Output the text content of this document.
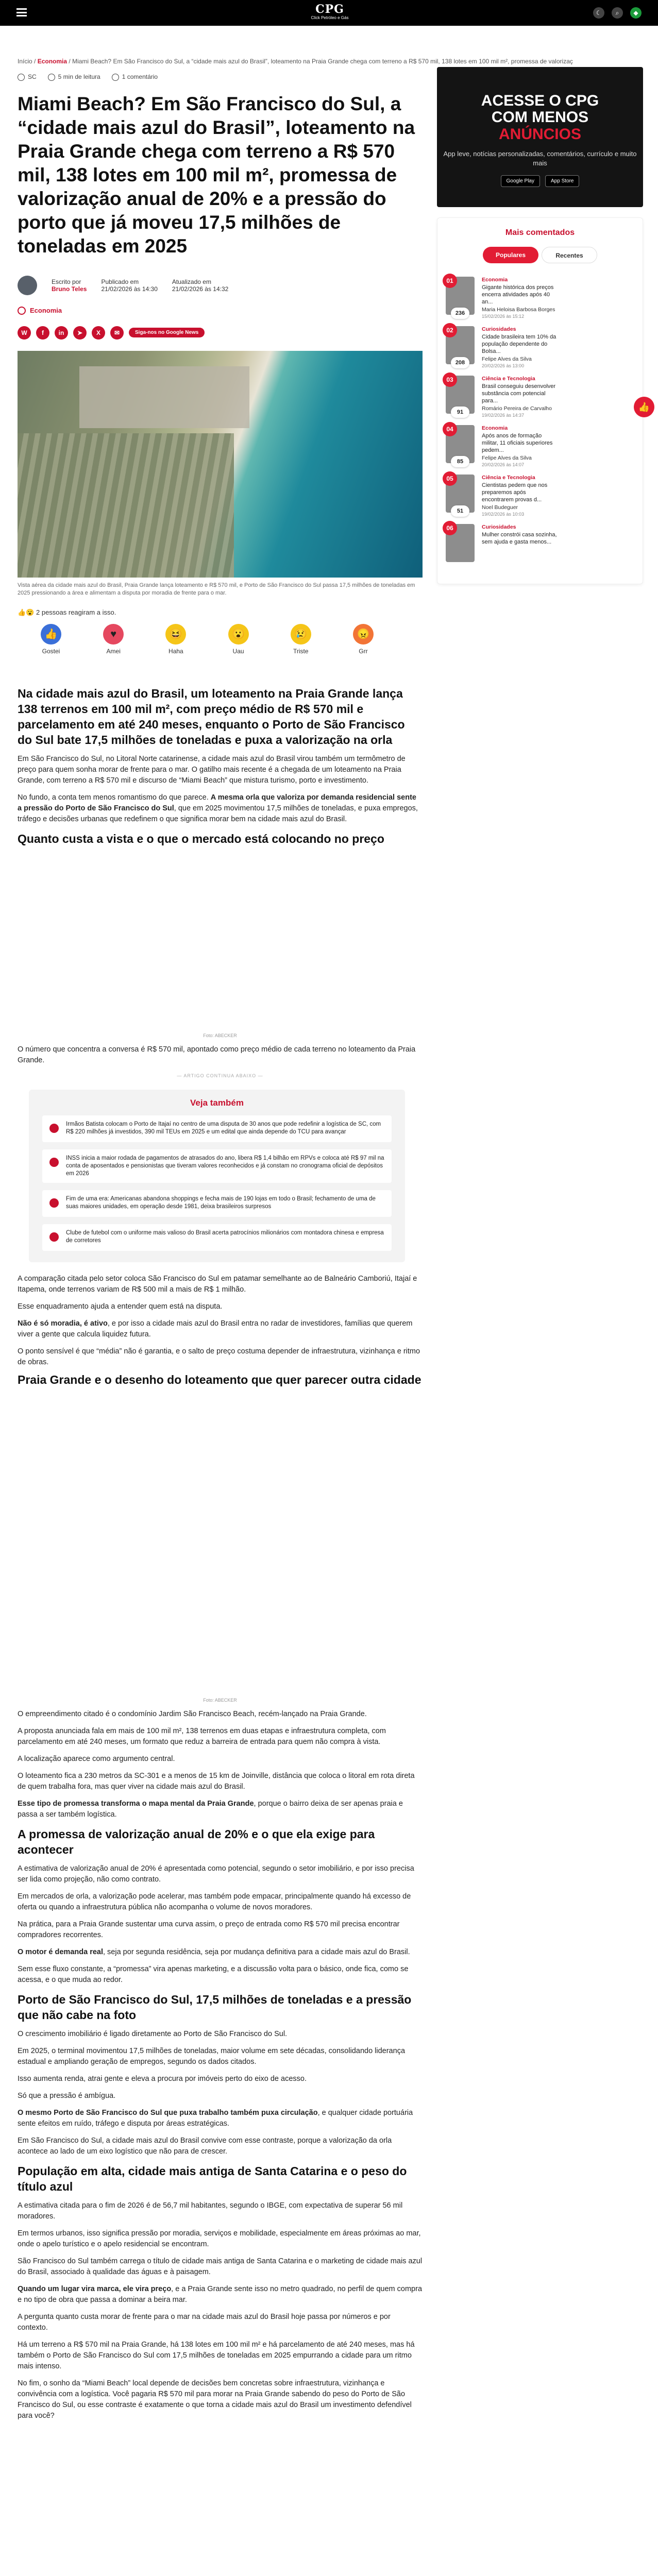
CPG
Click Petróleo e Gás
☾	⌕	◆
Início / Economia / Miami Beach? Em São Francisco do Sul, a “cidade mais azul do Brasil”, loteamento na Praia Grande chega com terreno a R$ 570 mil, 138 lotes em 100 mil m², promessa de valorizaç
SC	5 min de leitura	1 comentário
Miami Beach? Em São Francisco do Sul, a “cidade mais azul do Brasil”, loteamento na Praia Grande chega com terreno a R$ 570 mil, 138 lotes em 100 mil m², promessa de valorização anual de 20% e a pressão do porto que já moveu 17,5 milhões de toneladas em 2025
Escrito por
Bruno Teles
Publicado em
21/02/2026 às 14:30
Atualizado em
21/02/2026 às 14:32
Economia
W	f	in	➤	X	✉	Siga-nos no Google News
Vista aérea da cidade mais azul do Brasil, Praia Grande lança loteamento e R$ 570 mil, e Porto de São Francisco do Sul passa 17,5 milhões de toneladas em 2025 pressionando a área e alimentam a disputa por moradia de frente para o mar.
👍😮 2 pessoas reagiram a isso.
👍
Gostei
♥
Amei
😆
Haha
😮
Uau
😢
Triste
😠
Grr
Na cidade mais azul do Brasil, um loteamento na Praia Grande lança 138 terrenos em 100 mil m², com preço médio de R$ 570 mil e parcelamento em até 240 meses, enquanto o Porto de São Francisco do Sul bate 17,5 milhões de toneladas e puxa a valorização na orla

Em São Francisco do Sul, no Litoral Norte catarinense, a cidade mais azul do Brasil virou também um termômetro de preço para quem sonha morar de frente para o mar. O gatilho mais recente é a chegada de um loteamento na Praia Grande, com terreno a R$ 570 mil e discurso de “Miami Beach” que mistura turismo, porto e investimento.

No fundo, a conta tem menos romantismo do que parece. A mesma orla que valoriza por demanda residencial sente a pressão do Porto de São Francisco do Sul, que em 2025 movimentou 17,5 milhões de toneladas, e puxa empregos, tráfego e decisões urbanas que redefinem o que significa morar bem na cidade mais azul do Brasil.

Quanto custa a vista e o que o mercado está colocando no preço
Foto: ABECKER

O número que concentra a conversa é R$ 570 mil, apontado como preço médio de cada terreno no loteamento da Praia Grande.

— ARTIGO CONTINUA ABAIXO —
Veja também
Irmãos Batista colocam o Porto de Itajaí no centro de uma disputa de 30 anos que pode redefinir a logística de SC, com R$ 220 milhões já investidos, 390 mil TEUs em 2025 e um edital que ainda depende do TCU para avançar
INSS inicia a maior rodada de pagamentos de atrasados do ano, libera R$ 1,4 bilhão em RPVs e coloca até R$ 97 mil na conta de aposentados e pensionistas que tiveram valores reconhecidos e já constam no cronograma oficial de depósitos em 2026
Fim de uma era: Americanas abandona shoppings e fecha mais de 190 lojas em todo o Brasil; fechamento de uma de suas maiores unidades, em operação desde 1981, deixa brasileiros surpresos
Clube de futebol com o uniforme mais valioso do Brasil acerta patrocínios milionários com montadora chinesa e empresa de corretores

A comparação citada pelo setor coloca São Francisco do Sul em patamar semelhante ao de Balneário Camboriú, Itajaí e Itapema, onde terrenos variam de R$ 500 mil a mais de R$ 1 milhão.

Esse enquadramento ajuda a entender quem está na disputa.

Não é só moradia, é ativo, e por isso a cidade mais azul do Brasil entra no radar de investidores, famílias que querem viver a gente que calcula liquidez futura.

O ponto sensível é que “média” não é garantia, e o salto de preço costuma depender de infraestrutura, vizinhança e ritmo de obras.

Praia Grande e o desenho do loteamento que quer parecer outra cidade
Foto: ABECKER

O empreendimento citado é o condomínio Jardim São Francisco Beach, recém-lançado na Praia Grande.

A proposta anunciada fala em mais de 100 mil m², 138 terrenos em duas etapas e infraestrutura completa, com parcelamento em até 240 meses, um formato que reduz a barreira de entrada para quem não compra à vista.

A localização aparece como argumento central.

O loteamento fica a 230 metros da SC-301 e a menos de 15 km de Joinville, distância que coloca o litoral em rota direta de quem trabalha fora, mas quer viver na cidade mais azul do Brasil.

Esse tipo de promessa transforma o mapa mental da Praia Grande, porque o bairro deixa de ser apenas praia e passa a ser também logística.

A promessa de valorização anual de 20% e o que ela exige para acontecer

A estimativa de valorização anual de 20% é apresentada como potencial, segundo o setor imobiliário, e por isso precisa ser lida como projeção, não como contrato.

Em mercados de orla, a valorização pode acelerar, mas também pode empacar, principalmente quando há excesso de oferta ou quando a infraestrutura pública não acompanha o volume de novos moradores.

Na prática, para a Praia Grande sustentar uma curva assim, o preço de entrada como R$ 570 mil precisa encontrar compradores recorrentes.

O motor é demanda real, seja por segunda residência, seja por mudança definitiva para a cidade mais azul do Brasil.

Sem esse fluxo constante, a “promessa” vira apenas marketing, e a discussão volta para o básico, onde fica, como se acessa, e o que muda ao redor.

Porto de São Francisco do Sul, 17,5 milhões de toneladas e a pressão que não cabe na foto

O crescimento imobiliário é ligado diretamente ao Porto de São Francisco do Sul.

Em 2025, o terminal movimentou 17,5 milhões de toneladas, maior volume em sete décadas, consolidando liderança estadual e ampliando geração de empregos, segundo os dados citados.

Isso aumenta renda, atrai gente e eleva a procura por imóveis perto do eixo de acesso.

Só que a pressão é ambígua.

O mesmo Porto de São Francisco do Sul que puxa trabalho também puxa circulação, e qualquer cidade portuária sente efeitos em ruído, tráfego e disputa por áreas estratégicas.

Em São Francisco do Sul, a cidade mais azul do Brasil convive com esse contraste, porque a valorização da orla acontece ao lado de um eixo logístico que não para de crescer.

População em alta, cidade mais antiga de Santa Catarina e o peso do título azul

A estimativa citada para o fim de 2026 é de 56,7 mil habitantes, segundo o IBGE, com expectativa de superar 56 mil moradores.

Em termos urbanos, isso significa pressão por moradia, serviços e mobilidade, especialmente em áreas próximas ao mar, onde o apelo turístico e o apelo residencial se encontram.

São Francisco do Sul também carrega o título de cidade mais antiga de Santa Catarina e o marketing de cidade mais azul do Brasil, associado à qualidade das águas e à paisagem.

Quando um lugar vira marca, ele vira preço, e a Praia Grande sente isso no metro quadrado, no perfil de quem compra e no tipo de obra que passa a dominar a beira mar.

A pergunta quanto custa morar de frente para o mar na cidade mais azul do Brasil hoje passa por números e por contexto.

Há um terreno a R$ 570 mil na Praia Grande, há 138 lotes em 100 mil m² e há parcelamento de até 240 meses, mas há também o Porto de São Francisco do Sul com 17,5 milhões de toneladas em 2025 empurrando a cidade para um ritmo mais intenso.

No fim, o sonho da “Miami Beach” local depende de decisões bem concretas sobre infraestrutura, vizinhança e convivência com a logística. Você pagaria R$ 570 mil para morar na Praia Grande sabendo do peso do Porto de São Francisco do Sul, ou esse contraste é exatamente o que torna a cidade mais azul do Brasil um investimento defendível para você?

ACESSE O CPG
COM MENOS
ANÚNCIOS
App leve, notícias personalizadas, comentários, currículo e muito mais
Google Play	App Store
Mais comentados
Populares	Recentes
01
236
Economia
Gigante histórica dos preços encerra atividades após 40 an...
Maria Heloisa Barbosa Borges
15/02/2026 às 15:12
02
208
Curiosidades
Cidade brasileira tem 10% da população dependente do Bolsa...
Felipe Alves da Silva
20/02/2026 às 13:00
03
91
Ciência e Tecnologia
Brasil conseguiu desenvolver substância com potencial para...
Romário Pereira de Carvalho
19/02/2026 às 14:37
04
85
Economia
Após anos de formação militar, 11 oficiais superiores pedem...
Felipe Alves da Silva
20/02/2026 às 14:07
05
51
Ciência e Tecnologia
Cientistas pedem que nos preparemos após encontrarem provas d...
Noel Budeguer
19/02/2026 às 10:03
06	Curiosidades
Mulher constrói casa sozinha, sem ajuda e gasta menos...
👍
